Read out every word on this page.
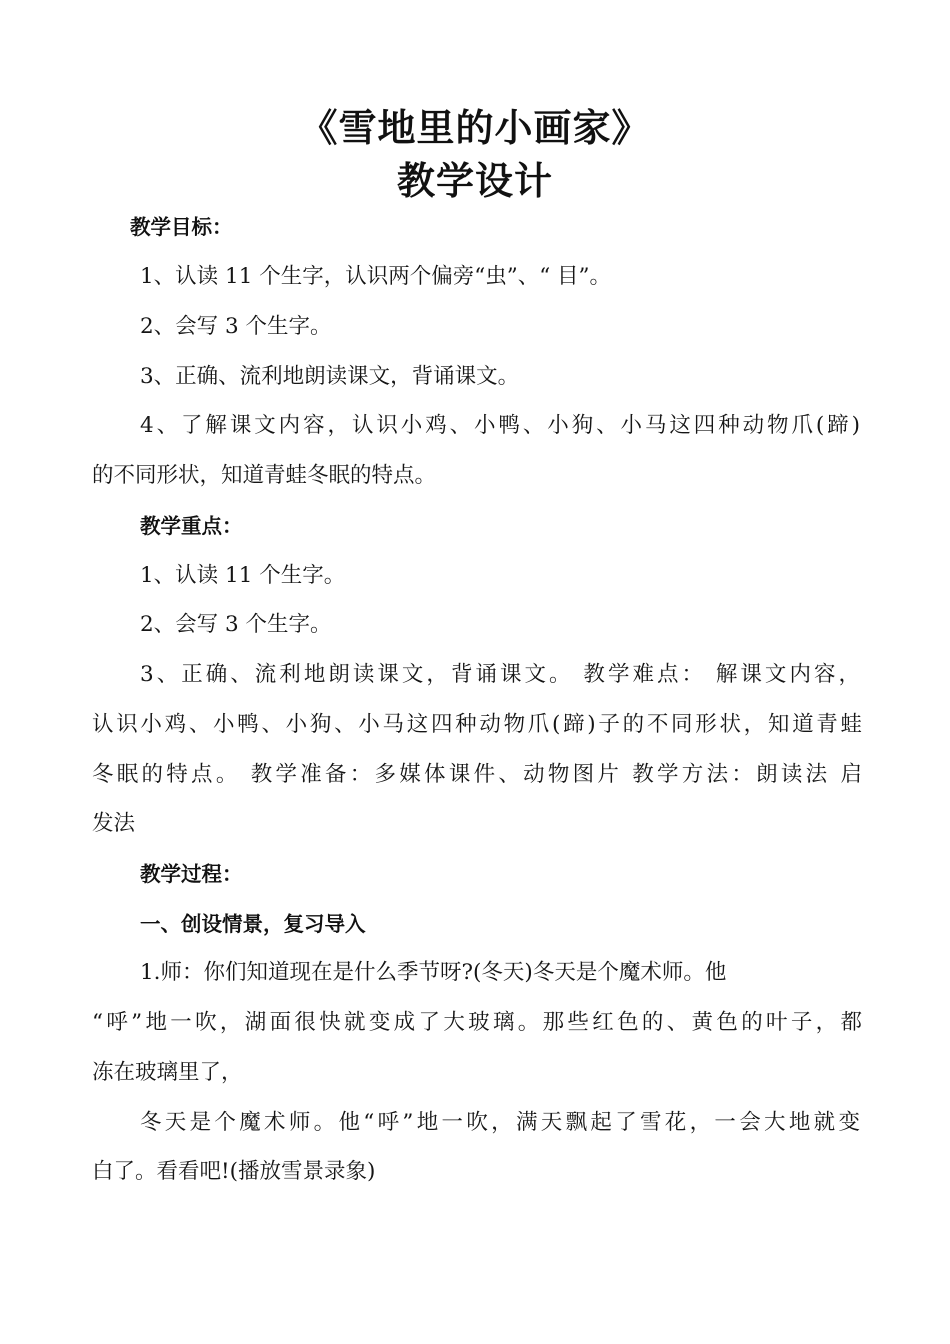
《雪地里的小画家》
教学设计
教学目标：
1、认读 11 个生字，认识两个偏旁“虫”、“ 目”。
2、会写 3 个生字。
3、正确、流利地朗读课文，背诵课文。
4、了解课文内容，认识小鸡、小鸭、小狗、小马这四种动物爪(蹄)
的不同形状，知道青蛙冬眠的特点。
教学重点：
1、认读 11 个生字。
2、会写 3 个生字。
3、正确、流利地朗读课文，背诵课文。 教学难点： 解课文内容，
认识小鸡、小鸭、小狗、小马这四种动物爪(蹄)子的不同形状，知道青蛙
冬眠的特点。 教学准备：多媒体课件、动物图片 教学方法：朗读法 启
发法
教学过程：
一、创设情景，复习导入
1.师：你们知道现在是什么季节呀?(冬天)冬天是个魔术师。他
“呼”地一吹，湖面很快就变成了大玻璃。那些红色的、黄色的叶子，都
冻在玻璃里了，
冬天是个魔术师。他“呼”地一吹，满天飘起了雪花，一会大地就变
白了。看看吧!(播放雪景录象)
